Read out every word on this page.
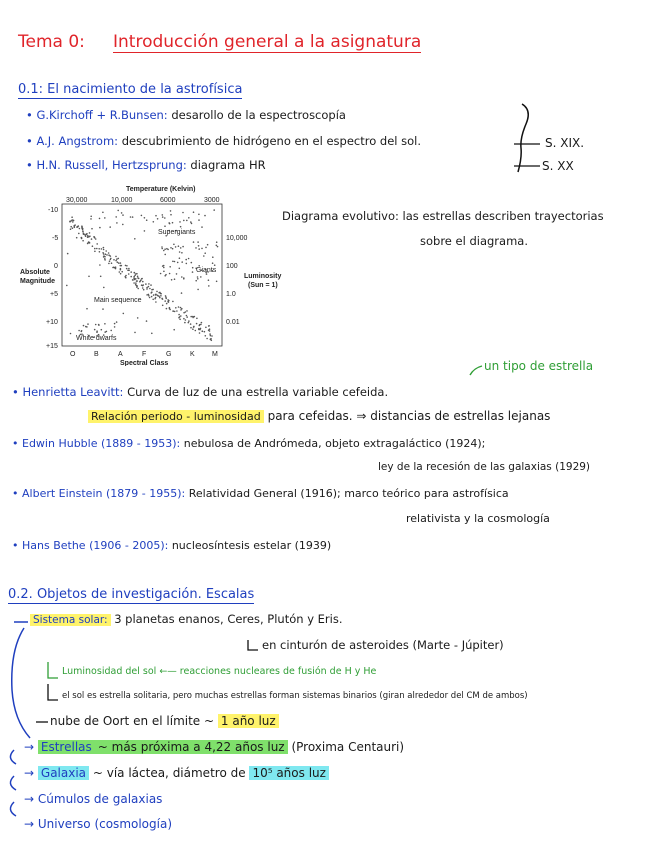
Tema 0: Introducción general a la asignatura
0.1: El nacimiento de la astrofísica
• G.Kirchoff + R.Bunsen: desarollo de la espectroscopía
• A.J. Angstrom: descubrimiento de hidrógeno en el espectro del sol.
• H.N. Russell, Hertzsprung: diagrama HR
S. XIX.
S. XX
Temperature (Kelvin)
30,000	10,000	6000	3000
Absolute
Magnitude
-10
-5
0
+5
+10
+15
10,000
100
1.0
0.01
Luminosity
(Sun = 1)
O	B	A	F	G	K M
Spectral Class
Supergiants
Giants
Main sequence
White dwarfs
Diagrama evolutivo: las estrellas describen trayectorias
sobre el diagrama.
un tipo de estrella
• Henrietta Leavitt: Curva de luz de una estrella variable cefeida.
Relación periodo - luminosidad para cefeidas. ⇒ distancias de estrellas lejanas
• Edwin Hubble (1889 - 1953): nebulosa de Andrómeda, objeto extragaláctico (1924);
ley de la recesión de las galaxias (1929)
• Albert Einstein (1879 - 1955): Relatividad General (1916); marco teórico para astrofísica
relativista y la cosmología
• Hans Bethe (1906 - 2005): nucleosíntesis estelar (1939)
0.2. Objetos de investigación. Escalas
Sistema solar: 3 planetas enanos, Ceres, Plutón y Eris.
en cinturón de asteroides (Marte - Júpiter)
Luminosidad del sol ←— reacciones nucleares de fusión de H y He
el sol es estrella solitaria, pero muchas estrellas forman sistemas binarios (giran alrededor del CM de ambos)
nube de Oort en el límite ~ 1 año luz
→ Estrellas ~ más próxima a 4,22 años luz (Proxima Centauri)
→ Galaxia ~ vía láctea, diámetro de 10⁵ años luz
→ Cúmulos de galaxias
→ Universo (cosmología)
